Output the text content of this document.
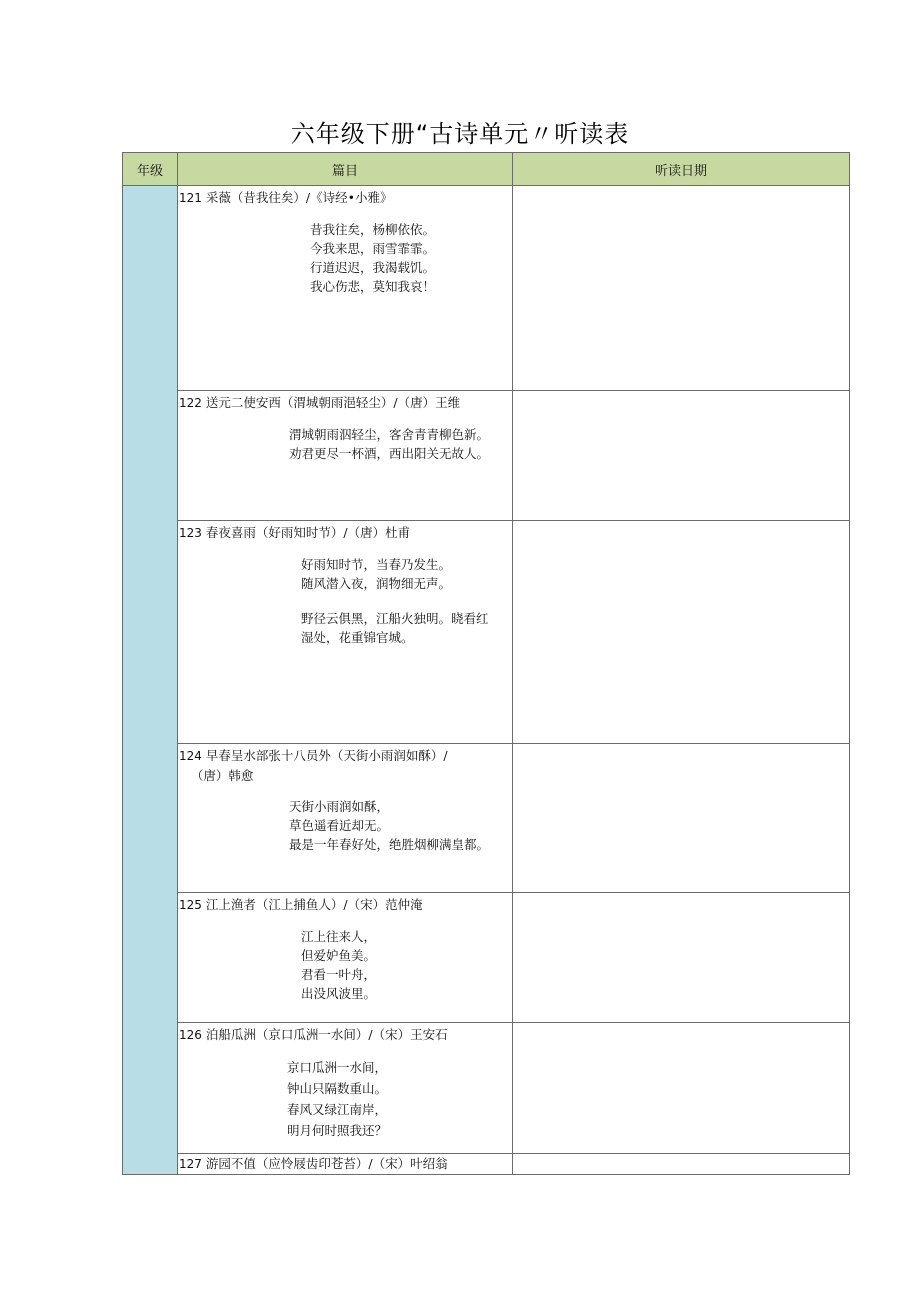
六年级下册“古诗单元〃听读表
年级	篇目	听读日期

	121 采薇（昔我往矣）/《诗经•小雅》
昔我往矣，杨柳依依。
今我来思，雨雪霏霏。
行道迟迟，我渴载饥。
我心伤悲，莫知我哀！	

	122 送元二使安西（渭城朝雨浥轻尘）/（唐）王维
渭城朝雨泅轻尘，客舍青青柳色新。
劝君更尽一杯酒，西出阳关无故人。	

	123 春夜喜雨（好雨知时节）/（唐）杜甫
好雨知时节，当春乃发生。
随风潜入夜，润物细无声。
野径云俱黑，江船火独明。晓看红
湿处，花重锦官城。	

	124 早春呈水部张十八员外（天街小雨润如酥）/
（唐）韩愈
天街小雨润如酥，
草色遥看近却无。
最是一年春好处，绝胜烟柳满皇都。	

	125 江上渔者（江上捕鱼人）/（宋）范仲淹
江上往来人，
但爱妒鱼美。
君看一叶舟，
出没风波里。	

	126 泊船瓜洲（京口瓜洲一水间）/（宋）王安石
京口瓜洲一水间，
钟山只隔数重山。
春风又绿江南岸，
明月何时照我还？	

	127 游园不值（应怜屐齿印苍苔）/（宋）叶绍翁	
